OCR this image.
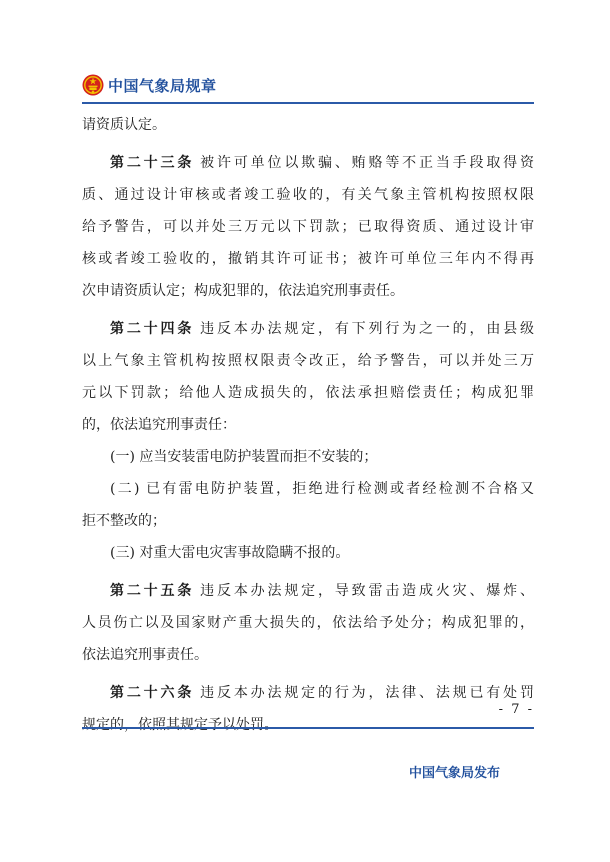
中国气象局规章
请资质认定。
第二十三条 被许可单位以欺骗、贿赂等不正当手段取得资
质、通过设计审核或者竣工验收的，有关气象主管机构按照权限
给予警告，可以并处三万元以下罚款；已取得资质、通过设计审
核或者竣工验收的，撤销其许可证书；被许可单位三年内不得再
次申请资质认定；构成犯罪的，依法追究刑事责任。
第二十四条 违反本办法规定，有下列行为之一的，由县级
以上气象主管机构按照权限责令改正，给予警告，可以并处三万
元以下罚款；给他人造成损失的，依法承担赔偿责任；构成犯罪
的，依法追究刑事责任：
(一) 应当安装雷电防护装置而拒不安装的；
(二) 已有雷电防护装置，拒绝进行检测或者经检测不合格又
拒不整改的；
(三) 对重大雷电灾害事故隐瞒不报的。
第二十五条 违反本办法规定，导致雷击造成火灾、爆炸、
人员伤亡以及国家财产重大损失的，依法给予处分；构成犯罪的，
依法追究刑事责任。
第二十六条 违反本办法规定的行为，法律、法规已有处罚
规定的，依照其规定予以处罚。
- 7 -
中国气象局发布
